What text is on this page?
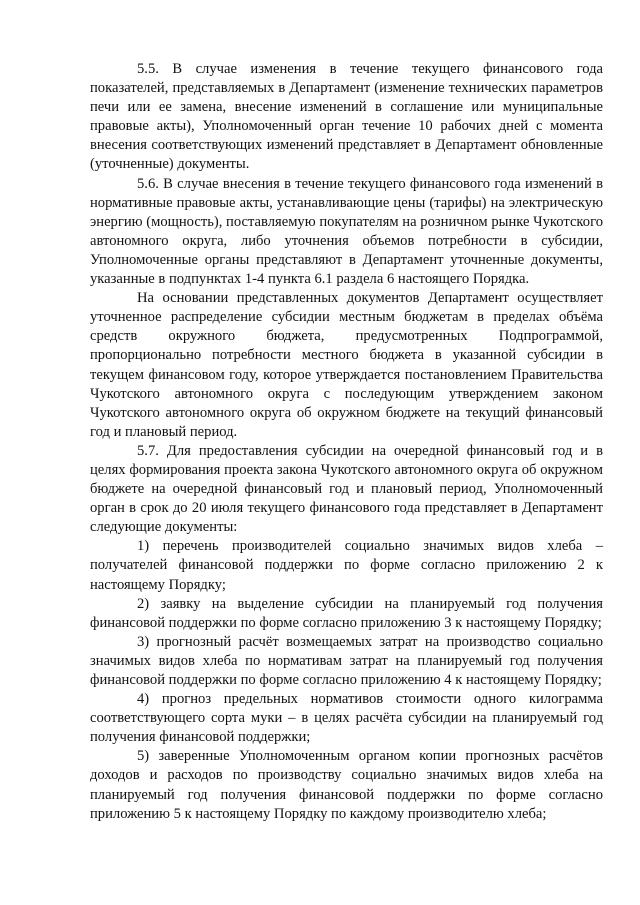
5.5. В случае изменения в течение текущего финансового года показателей, представляемых в Департамент (изменение технических параметров печи или ее замена, внесение изменений в соглашение или муниципальные правовые акты), Уполномоченный орган течение 10 рабочих дней с момента внесения соответствующих изменений представляет в Департамент обновленные (уточненные) документы.

5.6. В случае внесения в течение текущего финансового года изменений в нормативные правовые акты, устанавливающие цены (тарифы) на электрическую энергию (мощность), поставляемую покупателям на розничном рынке Чукотского автономного округа, либо уточнения объемов потребности в субсидии, Уполномоченные органы представляют в Департамент уточненные документы, указанные в подпунктах 1-4 пункта 6.1 раздела 6 настоящего Порядка.

На основании представленных документов Департамент осуществляет уточненное распределение субсидии местным бюджетам в пределах объёма средств окружного бюджета, предусмотренных Подпрограммой, пропорционально потребности местного бюджета в указанной субсидии в текущем финансовом году, которое утверждается постановлением Правительства Чукотского автономного округа с последующим утверждением законом Чукотского автономного округа об окружном бюджете на текущий финансовый год и плановый период.

5.7. Для предоставления субсидии на очередной финансовый год и в целях формирования проекта закона Чукотского автономного округа об окружном бюджете на очередной финансовый год и плановый период, Уполномоченный орган в срок до 20 июля текущего финансового года представляет в Департамент следующие документы:

1) перечень производителей социально значимых видов хлеба – получателей финансовой поддержки по форме согласно приложению 2 к настоящему Порядку;

2) заявку на выделение субсидии на планируемый год получения финансовой поддержки по форме согласно приложению 3 к настоящему Порядку;

3) прогнозный расчёт возмещаемых затрат на производство социально значимых видов хлеба по нормативам затрат на планируемый год получения финансовой поддержки по форме согласно приложению 4 к настоящему Порядку;

4) прогноз предельных нормативов стоимости одного килограмма соответствующего сорта муки – в целях расчёта субсидии на планируемый год получения финансовой поддержки;

5) заверенные Уполномоченным органом копии прогнозных расчётов доходов и расходов по производству социально значимых видов хлеба на планируемый год получения финансовой поддержки по форме согласно приложению 5 к настоящему Порядку по каждому производителю хлеба;
